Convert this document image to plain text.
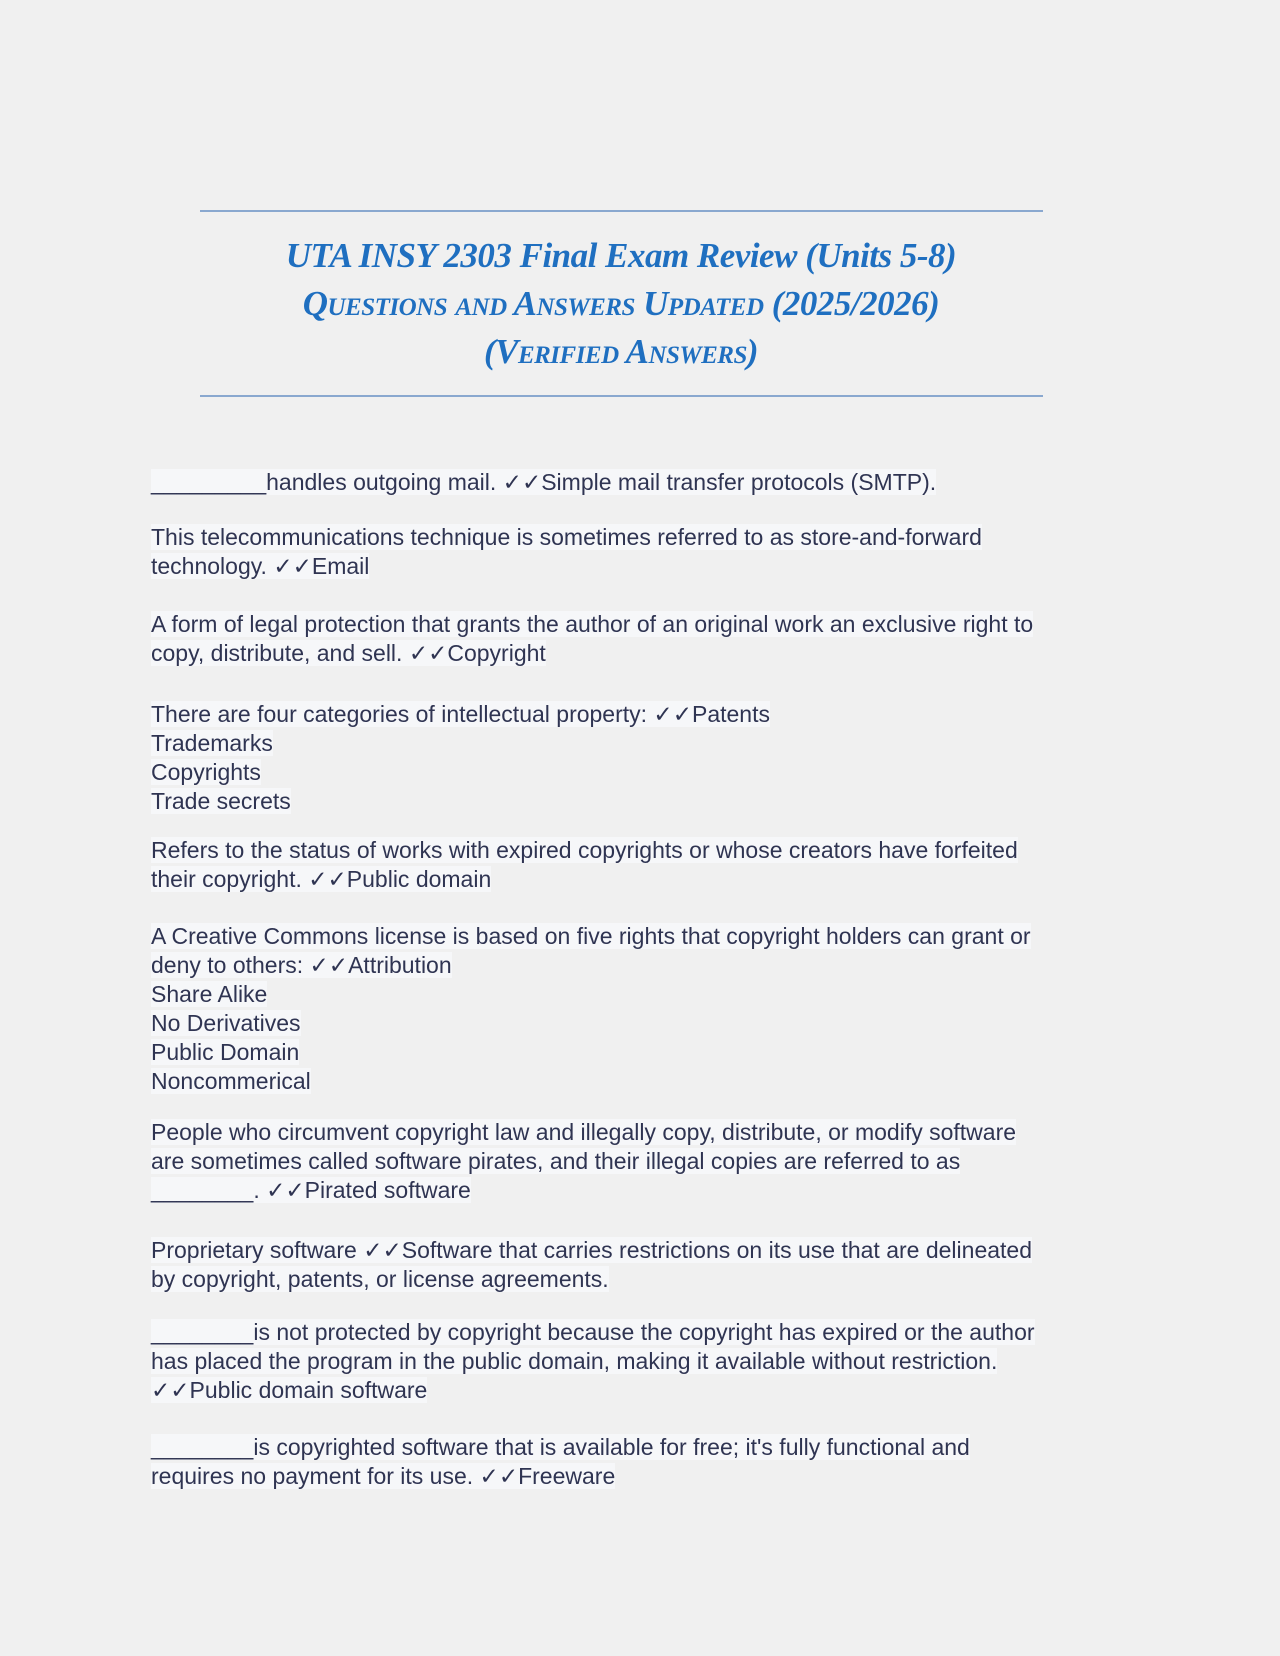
UTA INSY 2303 Final Exam Review (Units 5-8)
Questions and Answers Updated (2025/2026)
(Verified Answers)
_________handles outgoing mail. ✓✓Simple mail transfer protocols (SMTP).
This telecommunications technique is sometimes referred to as store-and-forward
technology. ✓✓Email
A form of legal protection that grants the author of an original work an exclusive right to
copy, distribute, and sell. ✓✓Copyright
There are four categories of intellectual property: ✓✓Patents
Trademarks
Copyrights
Trade secrets
Refers to the status of works with expired copyrights or whose creators have forfeited
their copyright. ✓✓Public domain
A Creative Commons license is based on five rights that copyright holders can grant or
deny to others: ✓✓Attribution
Share Alike
No Derivatives
Public Domain
Noncommerical
People who circumvent copyright law and illegally copy, distribute, or modify software
are sometimes called software pirates, and their illegal copies are referred to as
________. ✓✓Pirated software
Proprietary software ✓✓Software that carries restrictions on its use that are delineated
by copyright, patents, or license agreements.
________is not protected by copyright because the copyright has expired or the author
has placed the program in the public domain, making it available without restriction.
✓✓Public domain software
________is copyrighted software that is available for free; it's fully functional and
requires no payment for its use. ✓✓Freeware
